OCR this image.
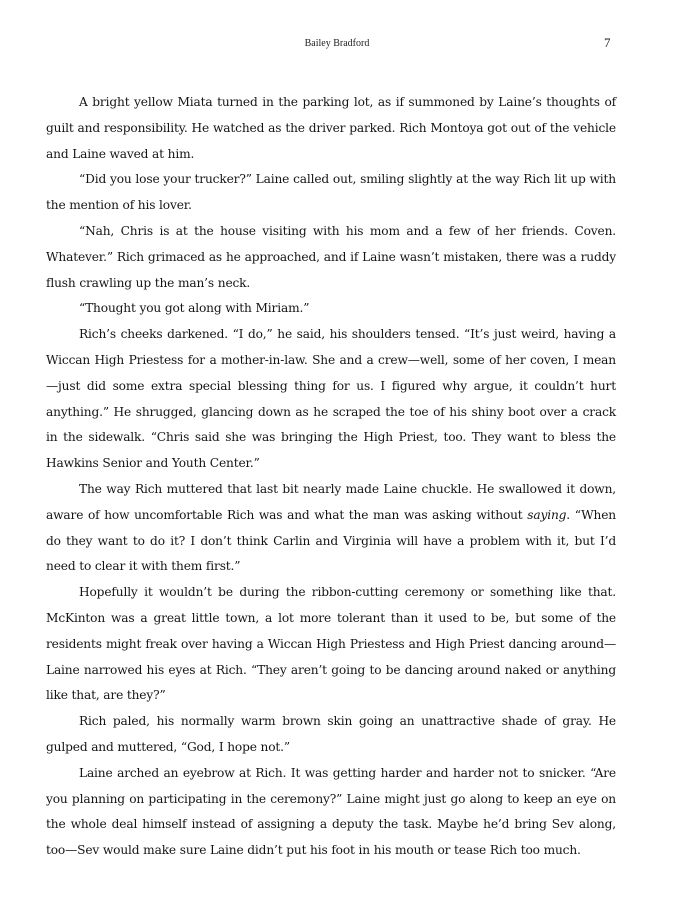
Bailey Bradford	7

A bright yellow Miata turned in the parking lot, as if summoned by Laine’s thoughts of guilt and responsibility. He watched as the driver parked. Rich Montoya got out of the vehicle and Laine waved at him.

“Did you lose your trucker?” Laine called out, smiling slightly at the way Rich lit up with the mention of his lover.

“Nah, Chris is at the house visiting with his mom and a few of her friends. Coven. Whatever.” Rich grimaced as he approached, and if Laine wasn’t mistaken, there was a ruddy flush crawling up the man’s neck.

“Thought you got along with Miriam.”

Rich’s cheeks darkened. “I do,” he said, his shoulders tensed. “It’s just weird, having a Wiccan High Priestess for a mother-in-law. She and a crew—well, some of her coven, I mean—just did some extra special blessing thing for us. I figured why argue, it couldn’t hurt anything.” He shrugged, glancing down as he scraped the toe of his shiny boot over a crack in the sidewalk. “Chris said she was bringing the High Priest, too. They want to bless the Hawkins Senior and Youth Center.”

The way Rich muttered that last bit nearly made Laine chuckle. He swallowed it down, aware of how uncomfortable Rich was and what the man was asking without saying. “When do they want to do it? I don’t think Carlin and Virginia will have a problem with it, but I’d need to clear it with them first.”

Hopefully it wouldn’t be during the ribbon-cutting ceremony or something like that. McKinton was a great little town, a lot more tolerant than it used to be, but some of the residents might freak over having a Wiccan High Priestess and High Priest dancing around—Laine narrowed his eyes at Rich. “They aren’t going to be dancing around naked or anything like that, are they?”

Rich paled, his normally warm brown skin going an unattractive shade of gray. He gulped and muttered, “God, I hope not.”

Laine arched an eyebrow at Rich. It was getting harder and harder not to snicker. “Are you planning on participating in the ceremony?” Laine might just go along to keep an eye on the whole deal himself instead of assigning a deputy the task. Maybe he’d bring Sev along, too—Sev would make sure Laine didn’t put his foot in his mouth or tease Rich too much.
